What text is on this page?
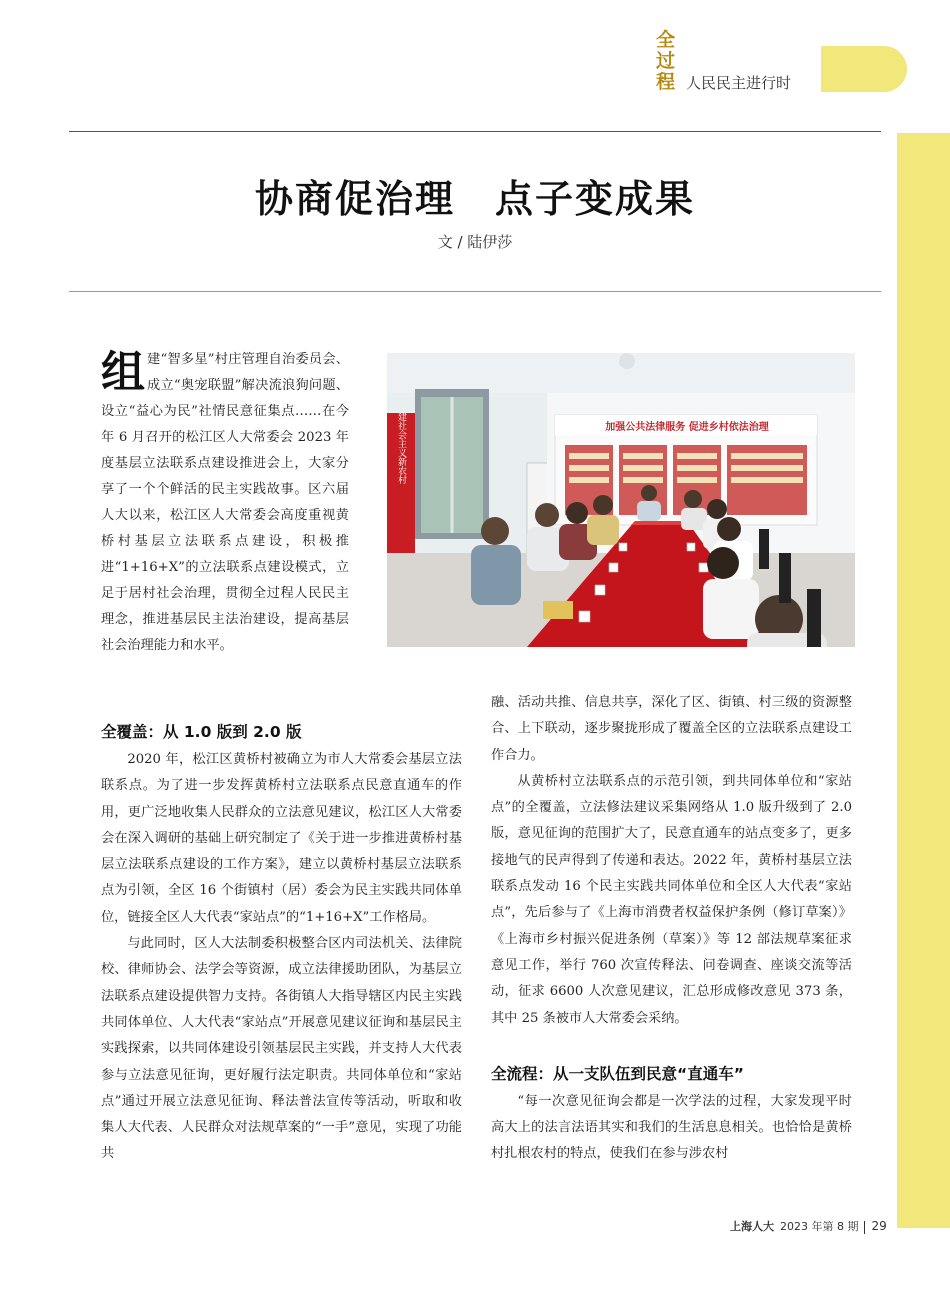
全
过
程 人民民主进行时
协商促治理　点子变成果
文 / 陆伊莎
组建“智多星”村庄管理自治委员会、成立“奥宠联盟”解决流浪狗问题、设立“益心为民”社情民意征集点……在今年 6 月召开的松江区人大常委会 2023 年度基层立法联系点建设推进会上，大家分享了一个个鲜活的民主实践故事。区六届人大以来，松江区人大常委会高度重视黄桥村基层立法联系点建设，积极推进“1+16+X”的立法联系点建设模式，立足于居村社会治理，贯彻全过程人民民主理念，推进基层民主法治建设，提高基层社会治理能力和水平。
建社会主义新农村	加强公共法律服务 促进乡村依法治理
全覆盖：从 1.0 版到 2.0 版

2020 年，松江区黄桥村被确立为市人大常委会基层立法联系点。为了进一步发挥黄桥村立法联系点民意直通车的作用，更广泛地收集人民群众的立法意见建议，松江区人大常委会在深入调研的基础上研究制定了《关于进一步推进黄桥村基层立法联系点建设的工作方案》，建立以黄桥村基层立法联系点为引领，全区 16 个街镇村（居）委会为民主实践共同体单位，链接全区人大代表“家站点”的“1+16+X”工作格局。

与此同时，区人大法制委积极整合区内司法机关、法律院校、律师协会、法学会等资源，成立法律援助团队，为基层立法联系点建设提供智力支持。各街镇人大指导辖区内民主实践共同体单位、人大代表“家站点”开展意见建议征询和基层民主实践探索，以共同体建设引领基层民主实践，并支持人大代表参与立法意见征询，更好履行法定职责。共同体单位和“家站点”通过开展立法意见征询、释法普法宣传等活动，听取和收集人大代表、人民群众对法规草案的“一手”意见，实现了功能共

融、活动共推、信息共享，深化了区、街镇、村三级的资源整合、上下联动，逐步聚拢形成了覆盖全区的立法联系点建设工作合力。

从黄桥村立法联系点的示范引领，到共同体单位和“家站点”的全覆盖，立法修法建议采集网络从 1.0 版升级到了 2.0 版，意见征询的范围扩大了，民意直通车的站点变多了，更多接地气的民声得到了传递和表达。2022 年，黄桥村基层立法联系点发动 16 个民主实践共同体单位和全区人大代表“家站点”，先后参与了《上海市消费者权益保护条例（修订草案）》《上海市乡村振兴促进条例（草案）》等 12 部法规草案征求意见工作，举行 760 次宣传释法、问卷调查、座谈交流等活动，征求 6600 人次意见建议，汇总形成修改意见 373 条，其中 25 条被市人大常委会采纳。

全流程：从一支队伍到民意“直通车”

“每一次意见征询会都是一次学法的过程，大家发现平时高大上的法言法语其实和我们的生活息息相关。也恰恰是黄桥村扎根农村的特点，使我们在参与涉农村

上海人大 2023 年第 8 期 29
